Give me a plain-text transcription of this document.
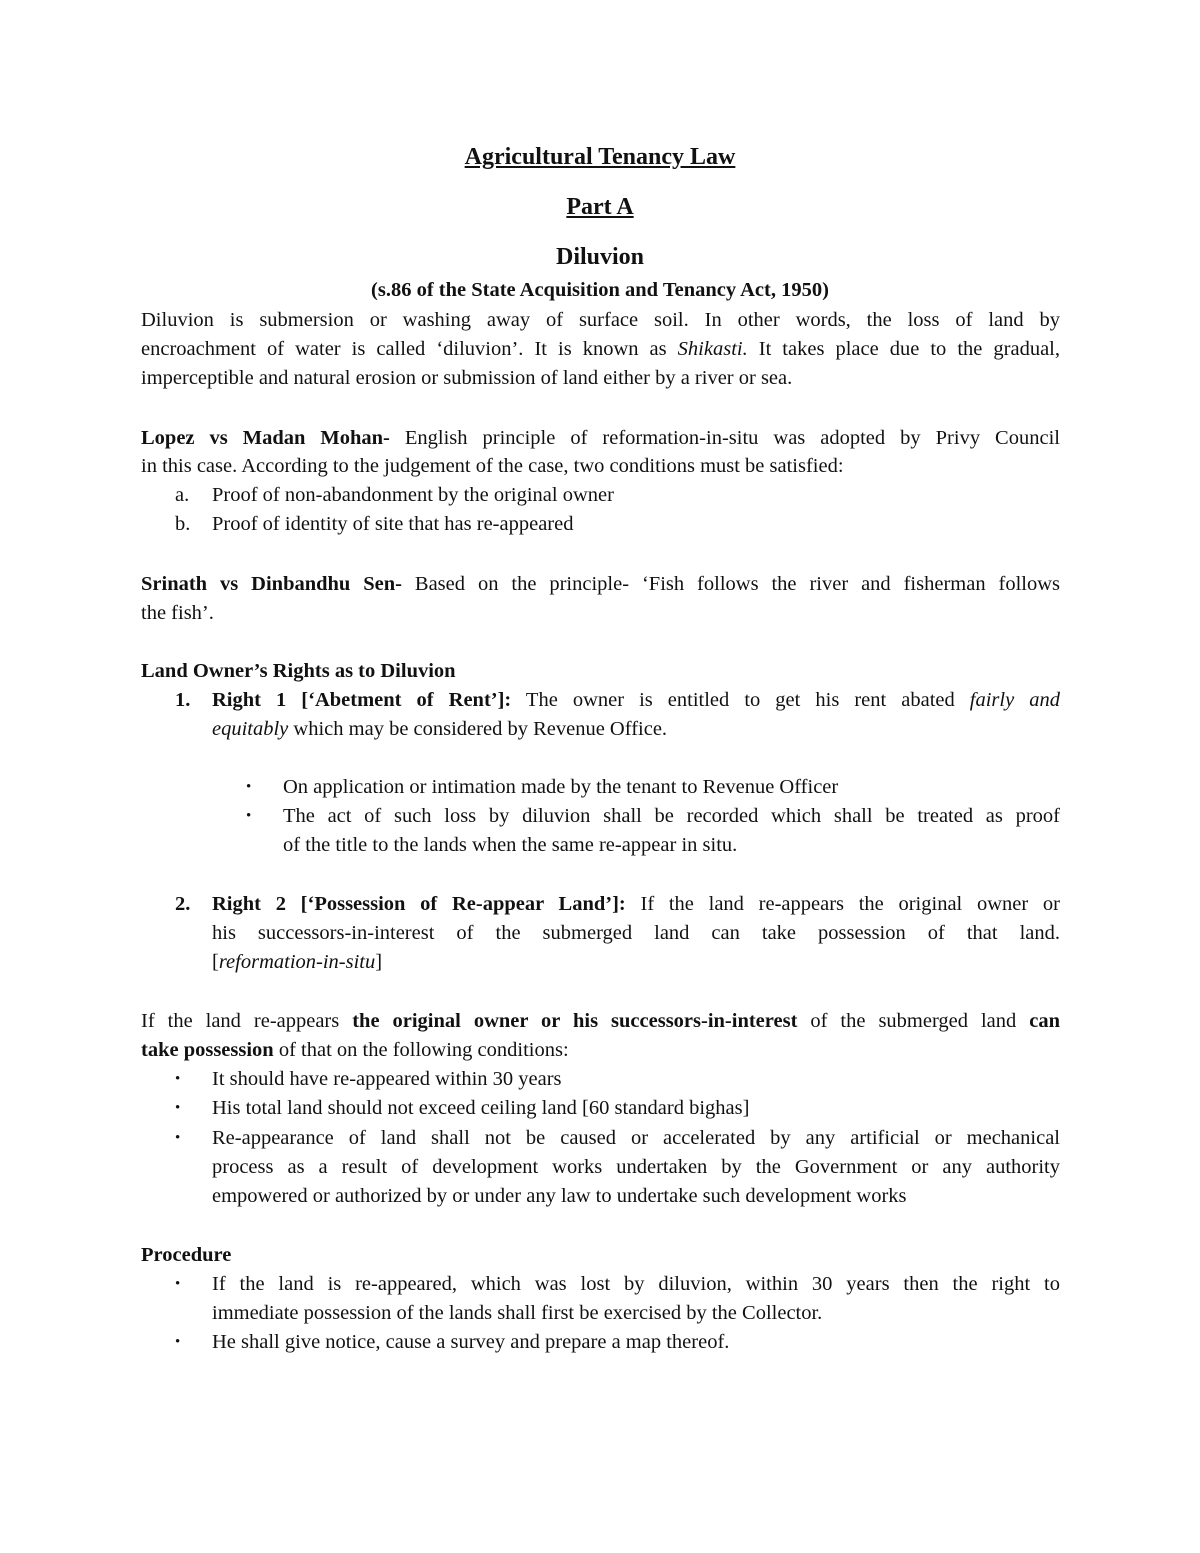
Agricultural Tenancy Law
Part A
Diluvion
(s.86 of the State Acquisition and Tenancy Act, 1950)
Diluvion is submersion or washing away of surface soil. In other words, the loss of land by
encroachment of water is called ‘diluvion’. It is known as Shikasti. It takes place due to the gradual,
imperceptible and natural erosion or submission of land either by a river or sea.
Lopez vs Madan Mohan- English principle of reformation-in-situ was adopted by Privy Council
in this case. According to the judgement of the case, two conditions must be satisfied:
a. Proof of non-abandonment by the original owner
b. Proof of identity of site that has re-appeared
Srinath vs Dinbandhu Sen- Based on the principle- ‘Fish follows the river and fisherman follows
the fish’.
Land Owner’s Rights as to Diluvion
1. Right 1 [‘Abetment of Rent’]: The owner is entitled to get his rent abated fairly and
equitably which may be considered by Revenue Office.
• On application or intimation made by the tenant to Revenue Officer
• The act of such loss by diluvion shall be recorded which shall be treated as proof
of the title to the lands when the same re-appear in situ.
2. Right 2 [‘Possession of Re-appear Land’]: If the land re-appears the original owner or
his successors-in-interest of the submerged land can take possession of that land.
[reformation-in-situ]
If the land re-appears the original owner or his successors-in-interest of the submerged land can
take possession of that on the following conditions:
• It should have re-appeared within 30 years
• His total land should not exceed ceiling land [60 standard bighas]
• Re-appearance of land shall not be caused or accelerated by any artificial or mechanical
process as a result of development works undertaken by the Government or any authority
empowered or authorized by or under any law to undertake such development works
Procedure
• If the land is re-appeared, which was lost by diluvion, within 30 years then the right to
immediate possession of the lands shall first be exercised by the Collector.
• He shall give notice, cause a survey and prepare a map thereof.
